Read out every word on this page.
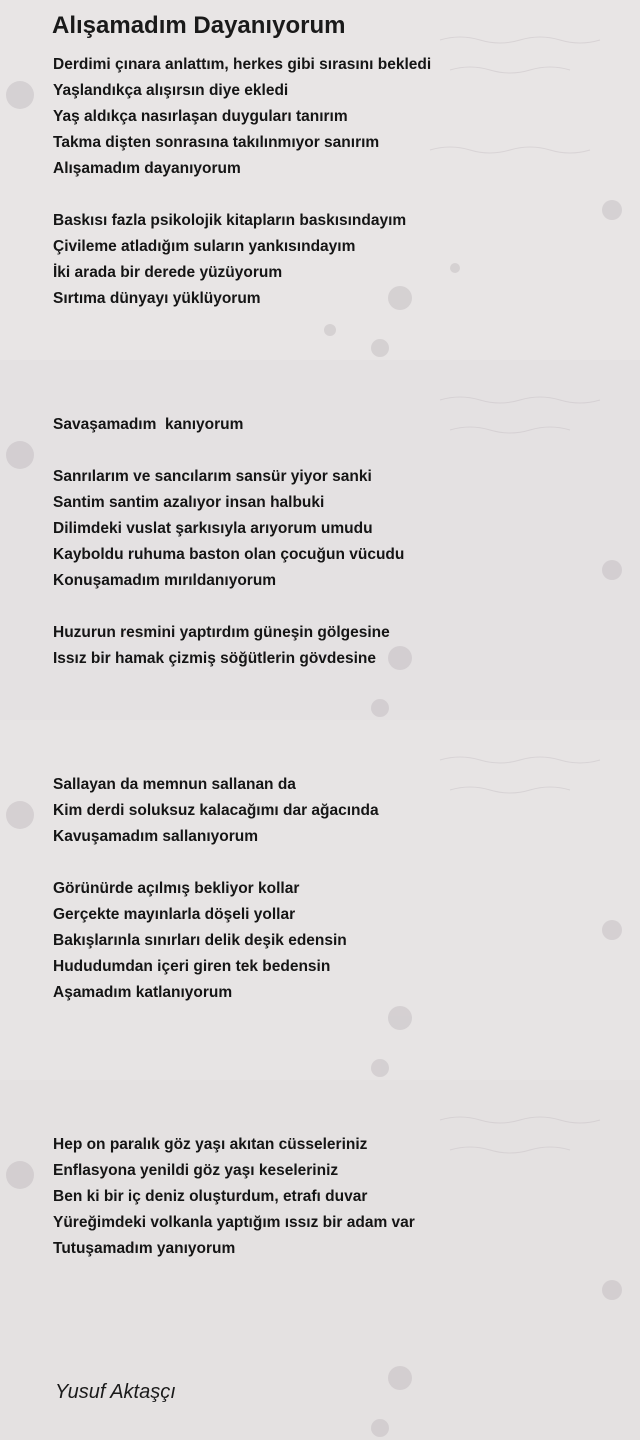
Alışamadım Dayanıyorum

Derdimi çınara anlattım, herkes gibi sırasını bekledi

Yaşlandıkça alışırsın diye ekledi

Yaş aldıkça nasırlaşan duyguları tanırım

Takma dişten sonrasına takılınmıyor sanırım

Alışamadım dayanıyorum

Baskısı fazla psikolojik kitapların baskısındayım

Çivileme atladığım suların yankısındayım

İki arada bir derede yüzüyorum

Sırtıma dünyayı yüklüyorum

Savaşamadım  kanıyorum

Sanrılarım ve sancılarım sansür yiyor sanki

Santim santim azalıyor insan halbuki

Dilimdeki vuslat şarkısıyla arıyorum umudu

Kayboldu ruhuma baston olan çocuğun vücudu

Konuşamadım mırıldanıyorum

Huzurun resmini yaptırdım güneşin gölgesine

Issız bir hamak çizmiş söğütlerin gövdesine

Sallayan da memnun sallanan da

Kim derdi soluksuz kalacağımı dar ağacında

Kavuşamadım sallanıyorum

Görünürde açılmış bekliyor kollar

Gerçekte mayınlarla döşeli yollar

Bakışlarınla sınırları delik deşik edensin

Hududumdan içeri giren tek bedensin

Aşamadım katlanıyorum

Hep on paralık göz yaşı akıtan cüsseleriniz

Enflasyona yenildi göz yaşı keseleriniz

Ben ki bir iç deniz oluşturdum, etrafı duvar

Yüreğimdeki volkanla yaptığım ıssız bir adam var

Tutuşamadım yanıyorum

Yusuf Aktaşçı
